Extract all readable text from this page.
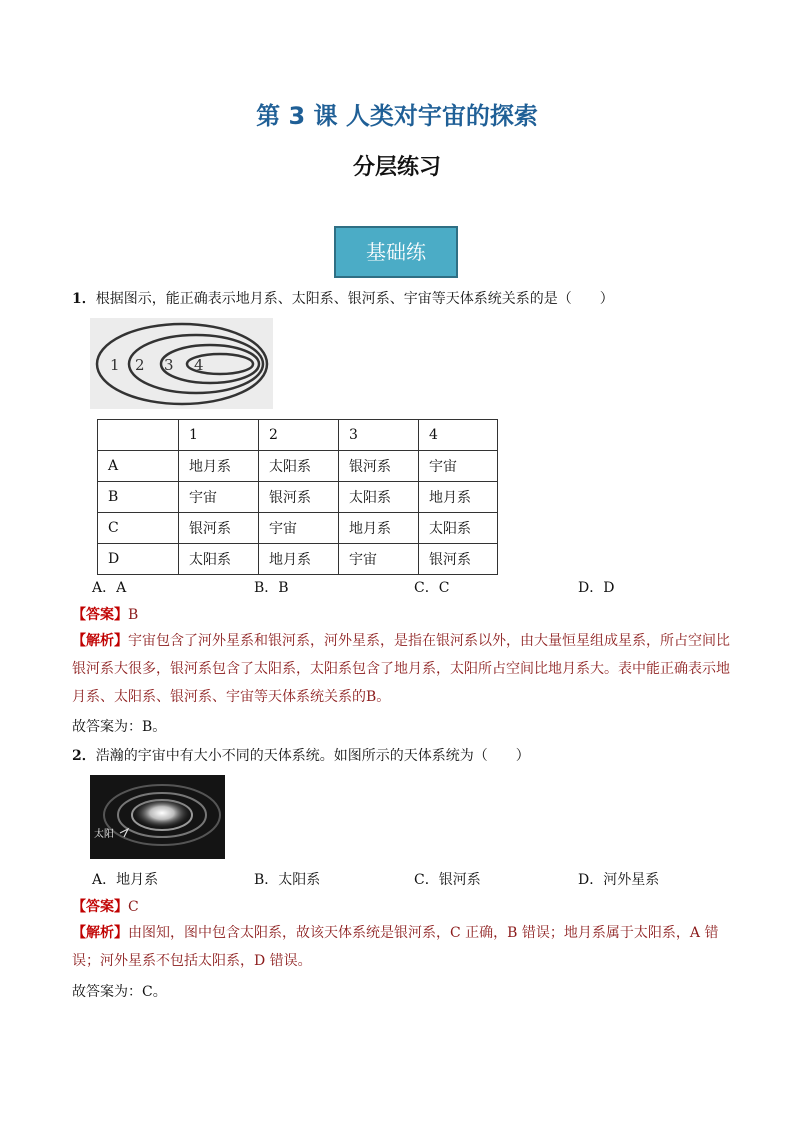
第 3 课 人类对宇宙的探索
分层练习
基础练
1．根据图示，能正确表示地月系、太阳系、银河系、宇宙等天体系统关系的是（　　）
1 2 3 4
	1	2	3	4
A	地月系	太阳系	银河系	宇宙
B	宇宙	银河系	太阳系	地月系
C	银河系	宇宙	地月系	太阳系
D	太阳系	地月系	宇宙	银河系
A．A	B．B	C．C	D．D
【答案】B
【解析】宇宙包含了河外星系和银河系，河外星系，是指在银河系以外，由大量恒星组成星系，所占空间比银河系大很多，银河系包含了太阳系，太阳系包含了地月系，太阳所占空间比地月系大。表中能正确表示地月系、太阳系、银河系、宇宙等天体系统关系的B。
故答案为：B。
2．浩瀚的宇宙中有大小不同的天体系统。如图所示的天体系统为（　　）
太阳
A．地月系	B．太阳系	C．银河系	D．河外星系
【答案】C
【解析】由图知，图中包含太阳系，故该天体系统是银河系，C 正确，B 错误；地月系属于太阳系，A 错误；河外星系不包括太阳系，D 错误。
故答案为：C。
